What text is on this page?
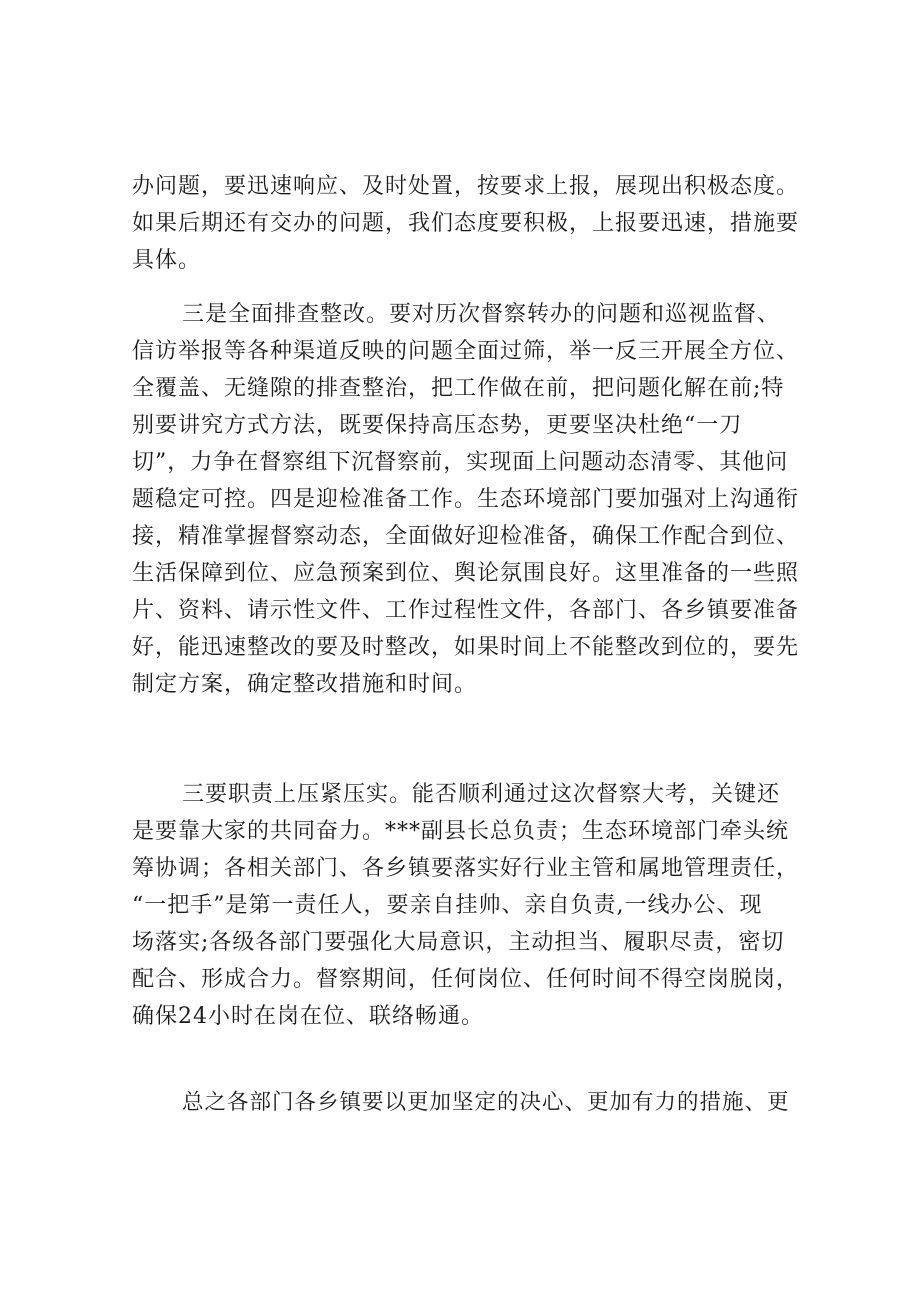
办问题，要迅速响应、及时处置，按要求上报，展现出积极态度。
如果后期还有交办的问题，我们态度要积极，上报要迅速，措施要
具体。
三是全面排查整改。要对历次督察转办的问题和巡视监督、
信访举报等各种渠道反映的问题全面过筛，举一反三开展全方位、
全覆盖、无缝隙的排查整治，把工作做在前，把问题化解在前;特
别要讲究方式方法，既要保持高压态势，更要坚决杜绝“一刀
切”，力争在督察组下沉督察前，实现面上问题动态清零、其他问
题稳定可控。四是迎检准备工作。生态环境部门要加强对上沟通衔
接，精准掌握督察动态，全面做好迎检准备，确保工作配合到位、
生活保障到位、应急预案到位、舆论氛围良好。这里准备的一些照
片、资料、请示性文件、工作过程性文件，各部门、各乡镇要准备
好，能迅速整改的要及时整改，如果时间上不能整改到位的，要先
制定方案，确定整改措施和时间。
三要职责上压紧压实。能否顺利通过这次督察大考，关键还
是要靠大家的共同奋力。***副县长总负责；生态环境部门牵头统
筹协调；各相关部门、各乡镇要落实好行业主管和属地管理责任，
“一把手”是第一责任人，要亲自挂帅、亲自负责,一线办公、现
场落实;各级各部门要强化大局意识，主动担当、履职尽责，密切
配合、形成合力。督察期间，任何岗位、任何时间不得空岗脱岗，
确保24小时在岗在位、联络畅通。
总之各部门各乡镇要以更加坚定的决心、更加有力的措施、更
